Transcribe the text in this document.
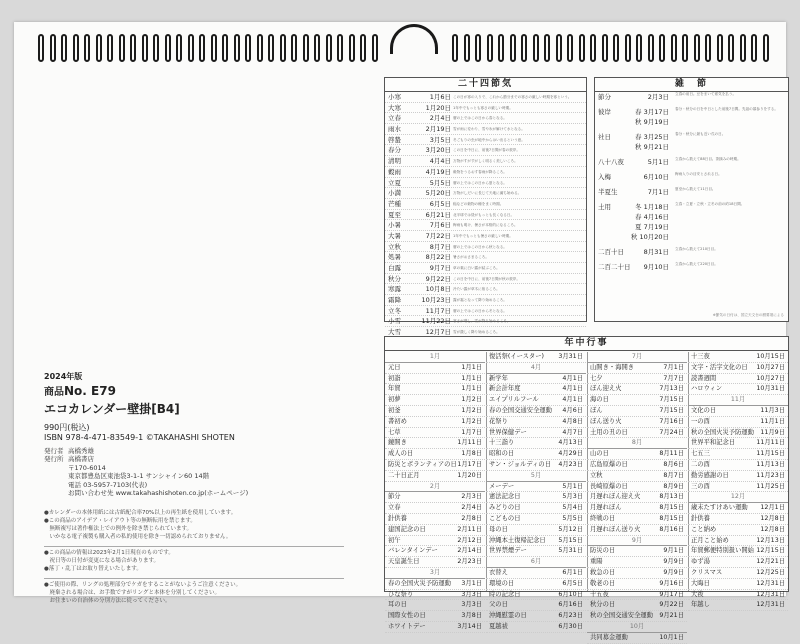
二十四節気
小寒	1月6日 この日が寒の入りで、これから節分までの寒さの厳しい時期を寒という。
大寒	1月20日 1年中でもっとも寒さの厳しい時期。
立春	2月4日 暦の上ではこの日から春となる。
雨水	2月19日 雪が雨に変わり、雪や氷が解けて水となる。
啓蟄	3月5日 冬ごもりの虫が地中からはい出るという意。
春分	3月20日 この日を中日に、前後7日間が春の彼岸。
清明	4月4日 万物がすがすがしく明るく美しいころ。
穀雨	4月19日 穀物をうるおす春雨が降るころ。
立夏	5月5日 暦の上ではこの日から夏となる。
小満	5月20日 万物がしだいに長じて天地に満ち始める。
芒種	6月5日 稲などの穀物の種をまく時期。
夏至	6月21日 北半球では昼がもっとも長くなる日。
小暑	7月6日 梅雨も明け、暑さが本格的になるころ。
大暑	7月22日 1年中でもっとも暑さの厳しい時期。
立秋	8月7日 暦の上ではこの日から秋となる。
処暑	8月22日 暑さがおさまるころ。
白露	9月7日 草の葉に白い露が結ぶころ。
秋分	9月22日 この日を中日に、前後7日間が秋の彼岸。
寒露	10月8日 冷たい露が草木に宿るころ。
霜降	10月23日 露が霜となって降り始めるころ。
立冬	11月7日 暦の上ではこの日から冬となる。
小雪	11月22日 寒さが増し、雪が降り始めるころ。
大雪	12月7日 雪が激しく降り始めるころ。
雑　節
節分	2月3日 立春の前日。豆をまいて邪気を払う。
彼岸	春 3月17日
秋 9月19日
春分・秋分の日を中日とした前後7日間。先祖の墓参りをする。
社日	春 3月25日
秋 9月21日
春分・秋分に最も近い戊の日。
八十八夜	5月1日 立春から数えて88日目。茶摘みの時期。
入梅	6月10日 梅雨入りの目安とされる日。
半夏生	7月1日 夏至から数えて11日目。
土用	冬 1月18日
春 4月16日
夏 7月19日
秋 10月20日
立春・立夏・立秋・立冬の前の約18日間。
二百十日	8月31日 立春から数えて210日目。
二百二十日	9月10日 立春から数えて220日目。
※節気の日付は、国立天文台の暦要項による
年中行事
1月
元日	1月1日
初詣	1月1日
年賀	1月1日
初夢	1月2日
初釜	1月2日
書初め	1月2日
七草	1月7日
鏡開き	1月11日
成人の日	1月8日
防災とボランティアの日 1月17日
二十日正月	1月20日
2月
節分	2月3日
立春	2月4日
針供養	2月8日
建国記念の日	2月11日
初午	2月12日
バレンタインデー	2月14日
天皇誕生日	2月23日
3月
春の全国火災予防運動 3月1日
ひな祭り	3月3日
耳の日	3月3日
国際女性の日	3月8日
ホワイトデー	3月14日
復活祭(イースター) 3月31日
4月
新学年	4月1日
新会計年度	4月1日
エイプリルフール	4月1日
春の全国交通安全運動 4月6日
花祭り	4月8日
世界保健デー	4月7日
十三詣り	4月13日
昭和の日	4月29日
サン・ジョルディの日 4月23日
5月
メーデー	5月1日
憲法記念日	5月3日
みどりの日	5月4日
こどもの日	5月5日
母の日	5月12日
沖縄本土復帰記念日 5月15日
世界禁煙デー	5月31日
6月
衣替え	6月1日
環境の日	6月5日
時の記念日	6月10日
父の日	6月16日
沖縄慰霊の日	6月23日
夏越祓	6月30日
7月
山開き・海開き	7月1日
七夕	7月7日
ぼん迎え火	7月13日
海の日	7月15日
ぼん	7月15日
ぼん送り火	7月16日
土用の丑の日	7月24日
8月
山の日	8月11日
広島原爆の日	8月6日
立秋	8月7日
長崎原爆の日	8月9日
月遅れぼん迎え火	8月13日
月遅れぼん	8月15日
終戦の日	8月15日
月遅れぼん送り火	8月16日
9月
防災の日	9月1日
重陽	9月9日
救急の日	9月9日
敬老の日	9月16日
十五夜	9月17日
秋分の日	9月22日
秋の全国交通安全運動 9月21日
10月
共同募金運動	10月1日
十三夜	10月15日
文字・活字文化の日 10月27日
読書週間	10月27日
ハロウィン	10月31日
11月
文化の日	11月3日
一の酉	11月1日
秋の全国火災予防運動 11月9日
世界平和記念日	11月11日
七五三	11月15日
二の酉	11月13日
勤労感謝の日	11月23日
三の酉	11月25日
12月
歳末たすけあい運動 12月1日
針供養	12月8日
こと納め	12月8日
正月こと始め	12月13日
年賀郵便特別扱い開始 12月15日
ゆず湯	12月21日
クリスマス	12月25日
大晦日	12月31日
大祓	12月31日
年越し	12月31日
2024年版
商品No. E79
エコカレンダー壁掛[B4]
990円(税込)
ISBN 978-4-471-83549-1 ©TAKAHASHI SHOTEN
発行者 高橋秀雄
発行所 高橋書店
〒170-6014
東京都豊島区東池袋3-1-1 サンシャイン60 14階
電話 03-5957-7103(代表)
お問い合わせ先 www.takahashishoten.co.jp(ホームページ)
●カレンダーの本体用紙には古紙配合率70%以上の再生紙を使用しています。
●この商品のアイデア・レイアウト等の無断転用を禁じます。
　無断複写は著作権法上での例外を除き禁じられています。
　いかなる電子複製も購入者の私的使用を除き一切認められておりません。
●この商品の情報は2023年2月1日現在のものです。
　祝日等の日付が変更になる場合があります。
●落丁・乱丁はお取り替えいたします。
●ご使用の際、リングの処理部分でケガをすることがないようご注意ください。
　廃棄される場合は、お手数ですがリングと本体を分別してください。
　お住まいの自治体の分別方法に従ってください。
